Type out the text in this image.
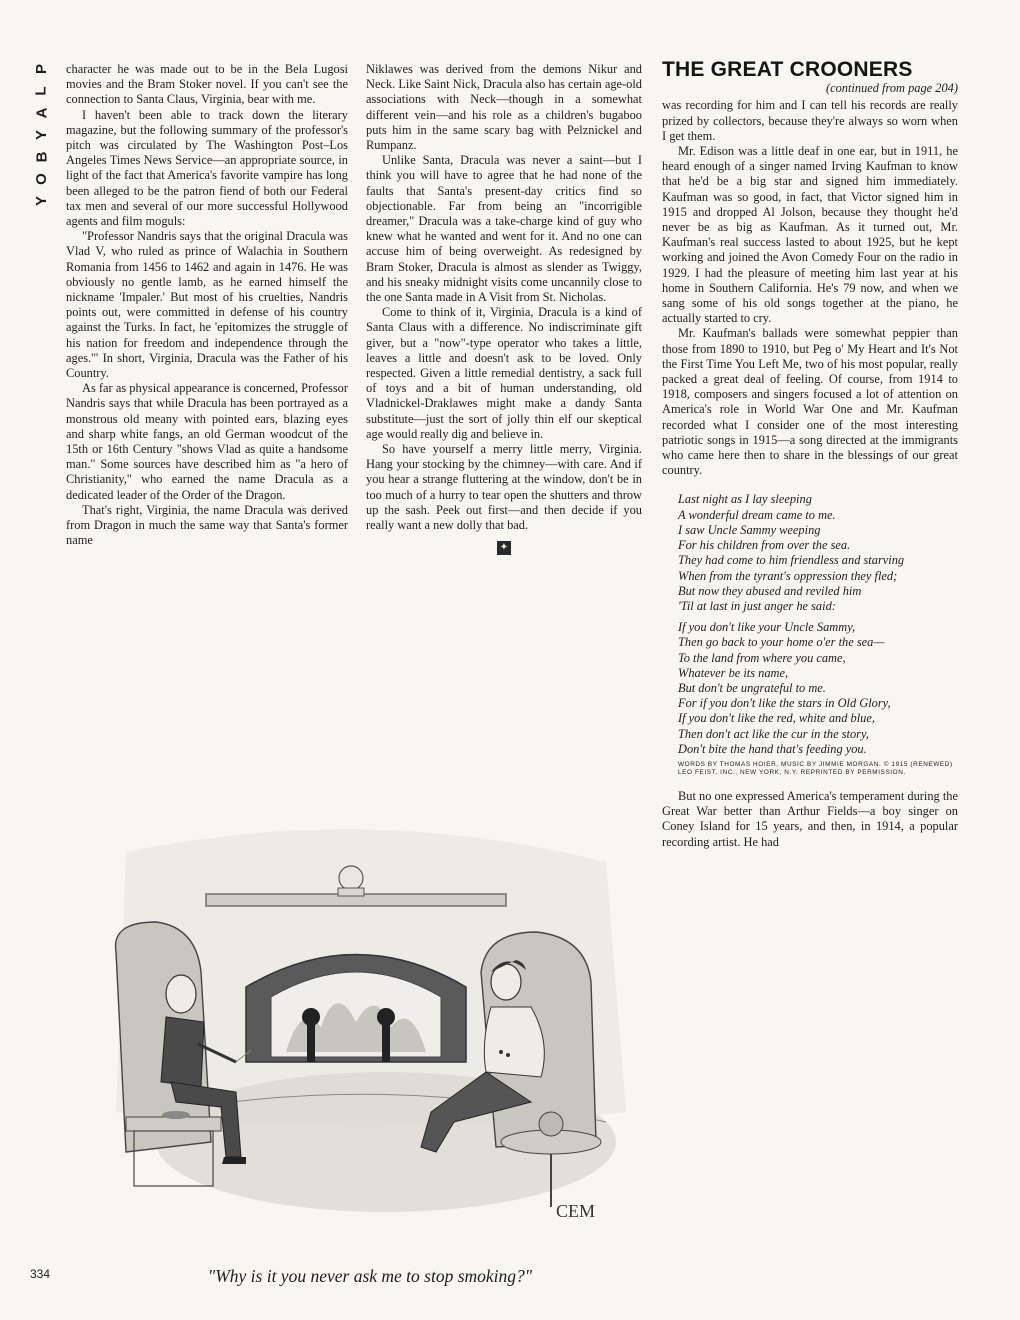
P
L
A
Y
B
O
Y

character he was made out to be in the Bela Lugosi movies and the Bram Stoker novel. If you can't see the connection to Santa Claus, Virginia, bear with me.

I haven't been able to track down the literary magazine, but the following summary of the professor's pitch was circulated by The Washington Post–Los Angeles Times News Service—an appropriate source, in light of the fact that America's favorite vampire has long been alleged to be the patron fiend of both our Federal tax men and several of our more successful Hollywood agents and film moguls:

"Professor Nandris says that the original Dracula was Vlad V, who ruled as prince of Walachia in Southern Romania from 1456 to 1462 and again in 1476. He was obviously no gentle lamb, as he earned himself the nickname 'Impaler.' But most of his cruelties, Nandris points out, were committed in defense of his country against the Turks. In fact, he 'epitomizes the struggle of his nation for freedom and independence through the ages.'" In short, Virginia, Dracula was the Father of his Country.

As far as physical appearance is concerned, Professor Nandris says that while Dracula has been portrayed as a monstrous old meany with pointed ears, blazing eyes and sharp white fangs, an old German woodcut of the 15th or 16th Century "shows Vlad as quite a handsome man." Some sources have described him as "a hero of Christianity," who earned the name Dracula as a dedicated leader of the Order of the Dragon.

That's right, Virginia, the name Dracula was derived from Dragon in much the same way that Santa's former name

Niklawes was derived from the demons Nikur and Neck. Like Saint Nick, Dracula also has certain age-old associations with Neck—though in a somewhat different vein—and his role as a children's bugaboo puts him in the same scary bag with Pelznickel and Rumpanz.

Unlike Santa, Dracula was never a saint—but I think you will have to agree that he had none of the faults that Santa's present-day critics find so objectionable. Far from being an "incorrigible dreamer," Dracula was a take-charge kind of guy who knew what he wanted and went for it. And no one can accuse him of being overweight. As redesigned by Bram Stoker, Dracula is almost as slender as Twiggy, and his sneaky midnight visits come uncannily close to the one Santa made in A Visit from St. Nicholas.

Come to think of it, Virginia, Dracula is a kind of Santa Claus with a difference. No indiscriminate gift giver, but a "now"-type operator who takes a little, leaves a little and doesn't ask to be loved. Only respected. Given a little remedial dentistry, a sack full of toys and a bit of human understanding, old Vladnickel-Draklawes might make a dandy Santa substitute—just the sort of jolly thin elf our skeptical age would really dig and believe in.

So have yourself a merry little merry, Virginia. Hang your stocking by the chimney—with care. And if you hear a strange fluttering at the window, don't be in too much of a hurry to tear open the shutters and throw up the sash. Peek out first—and then decide if you really want a new dolly that bad.

✦
THE GREAT CROONERS
(continued from page 204)

was recording for him and I can tell his records are really prized by collectors, because they're always so worn when I get them.

Mr. Edison was a little deaf in one ear, but in 1911, he heard enough of a singer named Irving Kaufman to know that he'd be a big star and signed him immediately. Kaufman was so good, in fact, that Victor signed him in 1915 and dropped Al Jolson, because they thought he'd never be as big as Kaufman. As it turned out, Mr. Kaufman's real success lasted to about 1925, but he kept working and joined the Avon Comedy Four on the radio in 1929. I had the pleasure of meeting him last year at his home in Southern California. He's 79 now, and when we sang some of his old songs together at the piano, he actually started to cry.

Mr. Kaufman's ballads were somewhat peppier than those from 1890 to 1910, but Peg o' My Heart and It's Not the First Time You Left Me, two of his most popular, really packed a great deal of feeling. Of course, from 1914 to 1918, composers and singers focused a lot of attention on America's role in World War One and Mr. Kaufman recorded what I consider one of the most interesting patriotic songs in 1915—a song directed at the immigrants who came here then to share in the blessings of our great country.

Last night as I lay sleeping
A wonderful dream came to me.
I saw Uncle Sammy weeping
For his children from over the sea.
They had come to him friendless and starving
When from the tyrant's oppression they fled;
But now they abused and reviled him
'Til at last in just anger he said:
If you don't like your Uncle Sammy,
Then go back to your home o'er the sea—
To the land from where you came,
Whatever be its name,
But don't be ungrateful to me.
For if you don't like the stars in Old Glory,
If you don't like the red, white and blue,
Then don't act like the cur in the story,
Don't bite the hand that's feeding you.
WORDS BY THOMAS HOIER, MUSIC BY JIMMIE MORGAN. © 1915 (RENEWED) LEO FEIST, INC., NEW YORK, N.Y. REPRINTED BY PERMISSION.

But no one expressed America's temperament during the Great War better than Arthur Fields—a boy singer on Coney Island for 15 years, and then, in 1914, a popular recording artist. He had

CEM
"Why is it you never ask me to stop smoking?"
334
